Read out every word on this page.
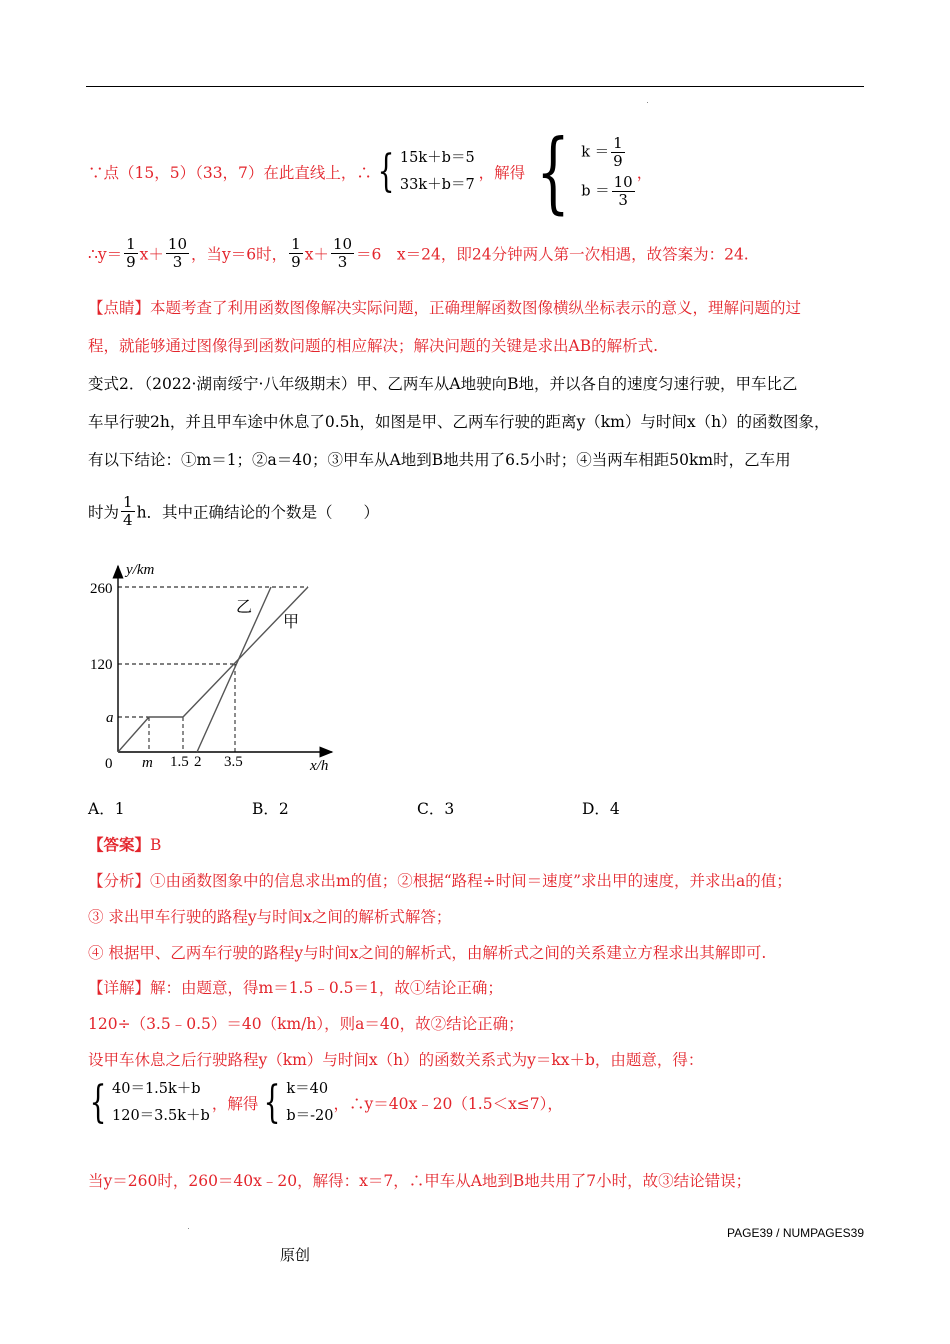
∵点（15，5）（33，7）在此直线上，∴ { 15k＋b＝5
33k＋b＝7
，解得 { $k = \frac{1}{9}$
$b = \frac{10}{3}$
，
∴y＝ $\frac{1}{9} x+ \frac{10}{3}$ ，当y＝6时， $\frac{1}{9} x+ \frac{10}{3} =6$　x＝24，即24分钟两人第一次相遇，故答案为：24.
【点睛】本题考查了利用函数图像解决实际问题，正确理解函数图像横纵坐标表示的意义，理解问题的过
程，就能够通过图像得到函数问题的相应解决；解决问题的关键是求出AB的解析式.
变式2．（2022·湖南绥宁·八年级期末）甲、乙两车从A地驶向B地，并以各自的速度匀速行驶，甲车比乙
车早行驶2h，并且甲车途中休息了0.5h，如图是甲、乙两车行驶的距离y（km）与时间x（h）的函数图象，
有以下结论：①m＝1；②a＝40；③甲车从A地到B地共用了6.5小时；④当两车相距50km时，乙车用
时为 $\frac{1}{4}$ h．其中正确结论的个数是（　　）
y/km
x/h
0
260
120
a
m 1.5 2 3.5
乙
甲
A．1	B．2	C．3	D．4
【答案】B
【分析】①由函数图象中的信息求出m的值；②根据“路程÷时间＝速度”求出甲的速度，并求出a的值；
③ 求出甲车行驶的路程y与时间x之间的解析式解答；
④ 根据甲、乙两车行驶的路程y与时间x之间的解析式，由解析式之间的关系建立方程求出其解即可.
【详解】解：由题意，得m＝1.5﹣0.5＝1，故①结论正确；
120÷（3.5﹣0.5）＝40（km/h），则a＝40，故②结论正确；
设甲车休息之后行驶路程y（km）与时间x（h）的函数关系式为y＝kx＋b，由题意，得：
{ 40＝1.5k＋b
120＝3.5k＋b
，解得 { k＝40
b＝-20
，∴y＝40x﹣20（1.5＜x≤7），
当y＝260时，260＝40x﹣20，解得：x＝7，∴甲车从A地到B地共用了7小时，故③结论错误；
PAGE39 / NUMPAGES39
原创
